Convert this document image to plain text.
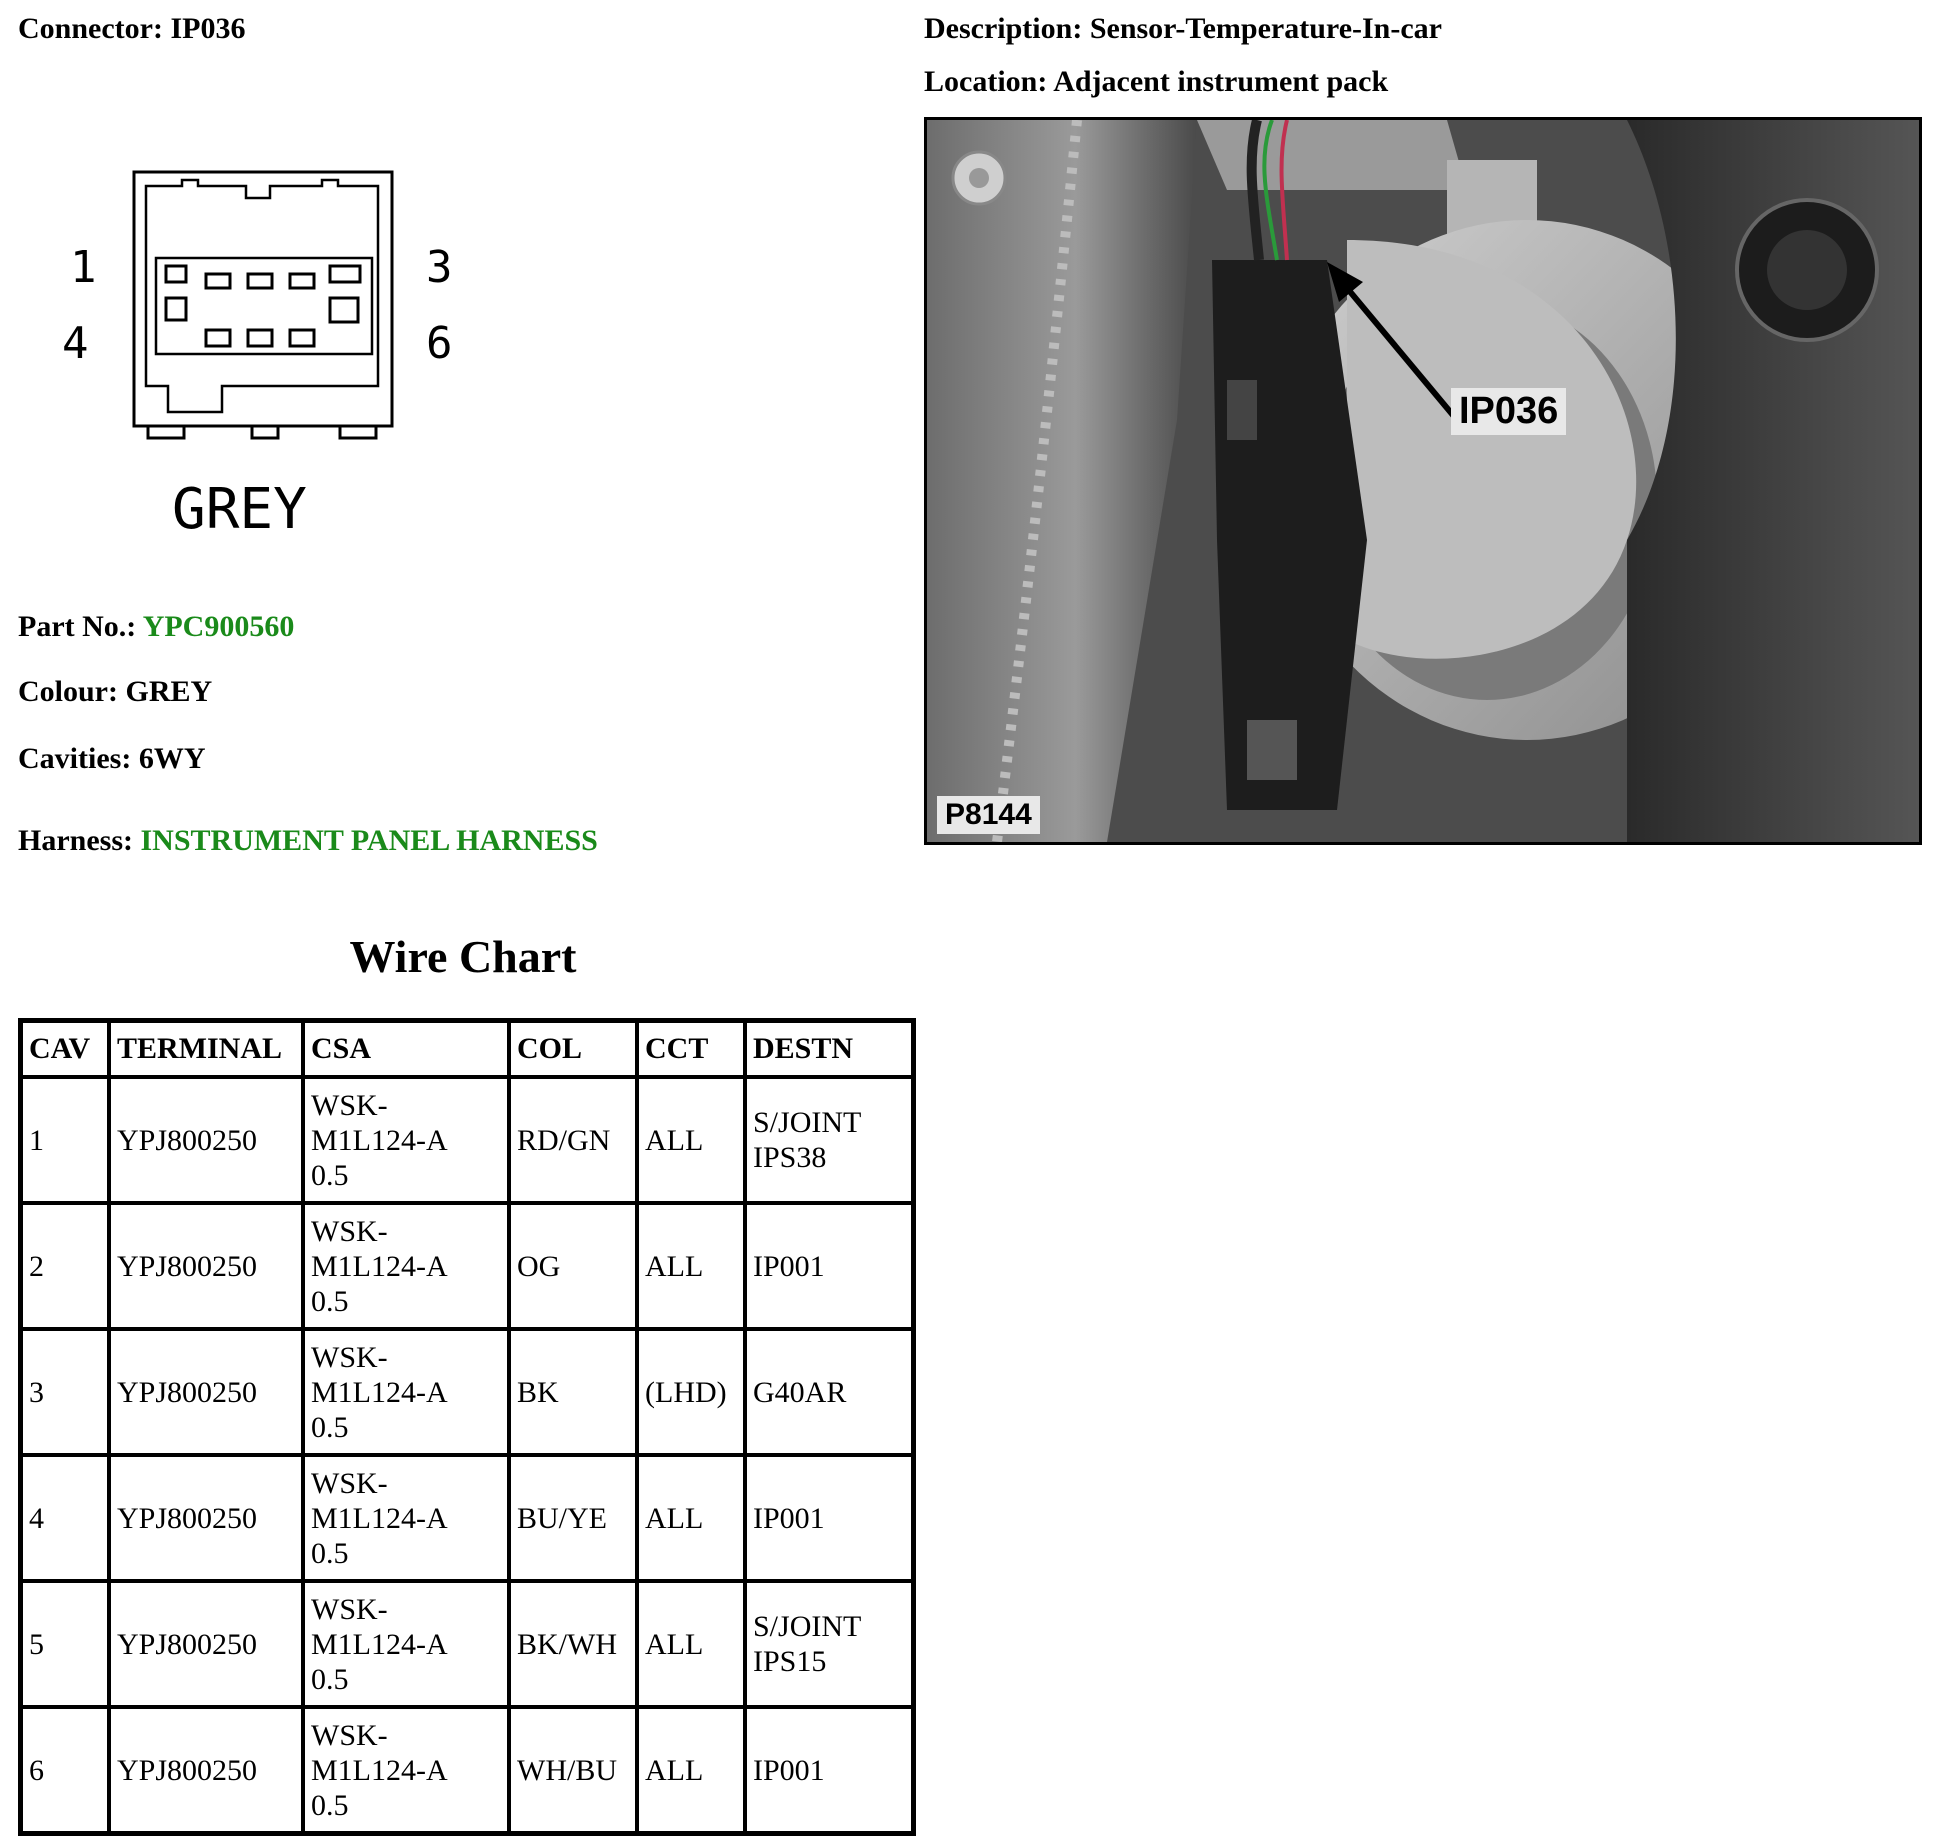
Connector: IP036	Description: Sensor-Temperature-In-car
Location: Adjacent instrument pack
1
4
3
6
GREY
IP036
P8144
Part No.: YPC900560
Colour: GREY
Cavities: 6WY
Harness: INSTRUMENT PANEL HARNESS
Wire Chart
CAV	TERMINAL	CSA	COL	CCT	DESTN
1	YPJ800250	WSK-
M1L124-A
0.5	RD/GN	ALL	S/JOINT
IPS38
2	YPJ800250	WSK-
M1L124-A
0.5	OG	ALL	IP001
3	YPJ800250	WSK-
M1L124-A
0.5	BK	(LHD)	G40AR
4	YPJ800250	WSK-
M1L124-A
0.5	BU/YE	ALL	IP001
5	YPJ800250	WSK-
M1L124-A
0.5	BK/WH	ALL	S/JOINT
IPS15
6	YPJ800250	WSK-
M1L124-A
0.5	WH/BU	ALL	IP001
